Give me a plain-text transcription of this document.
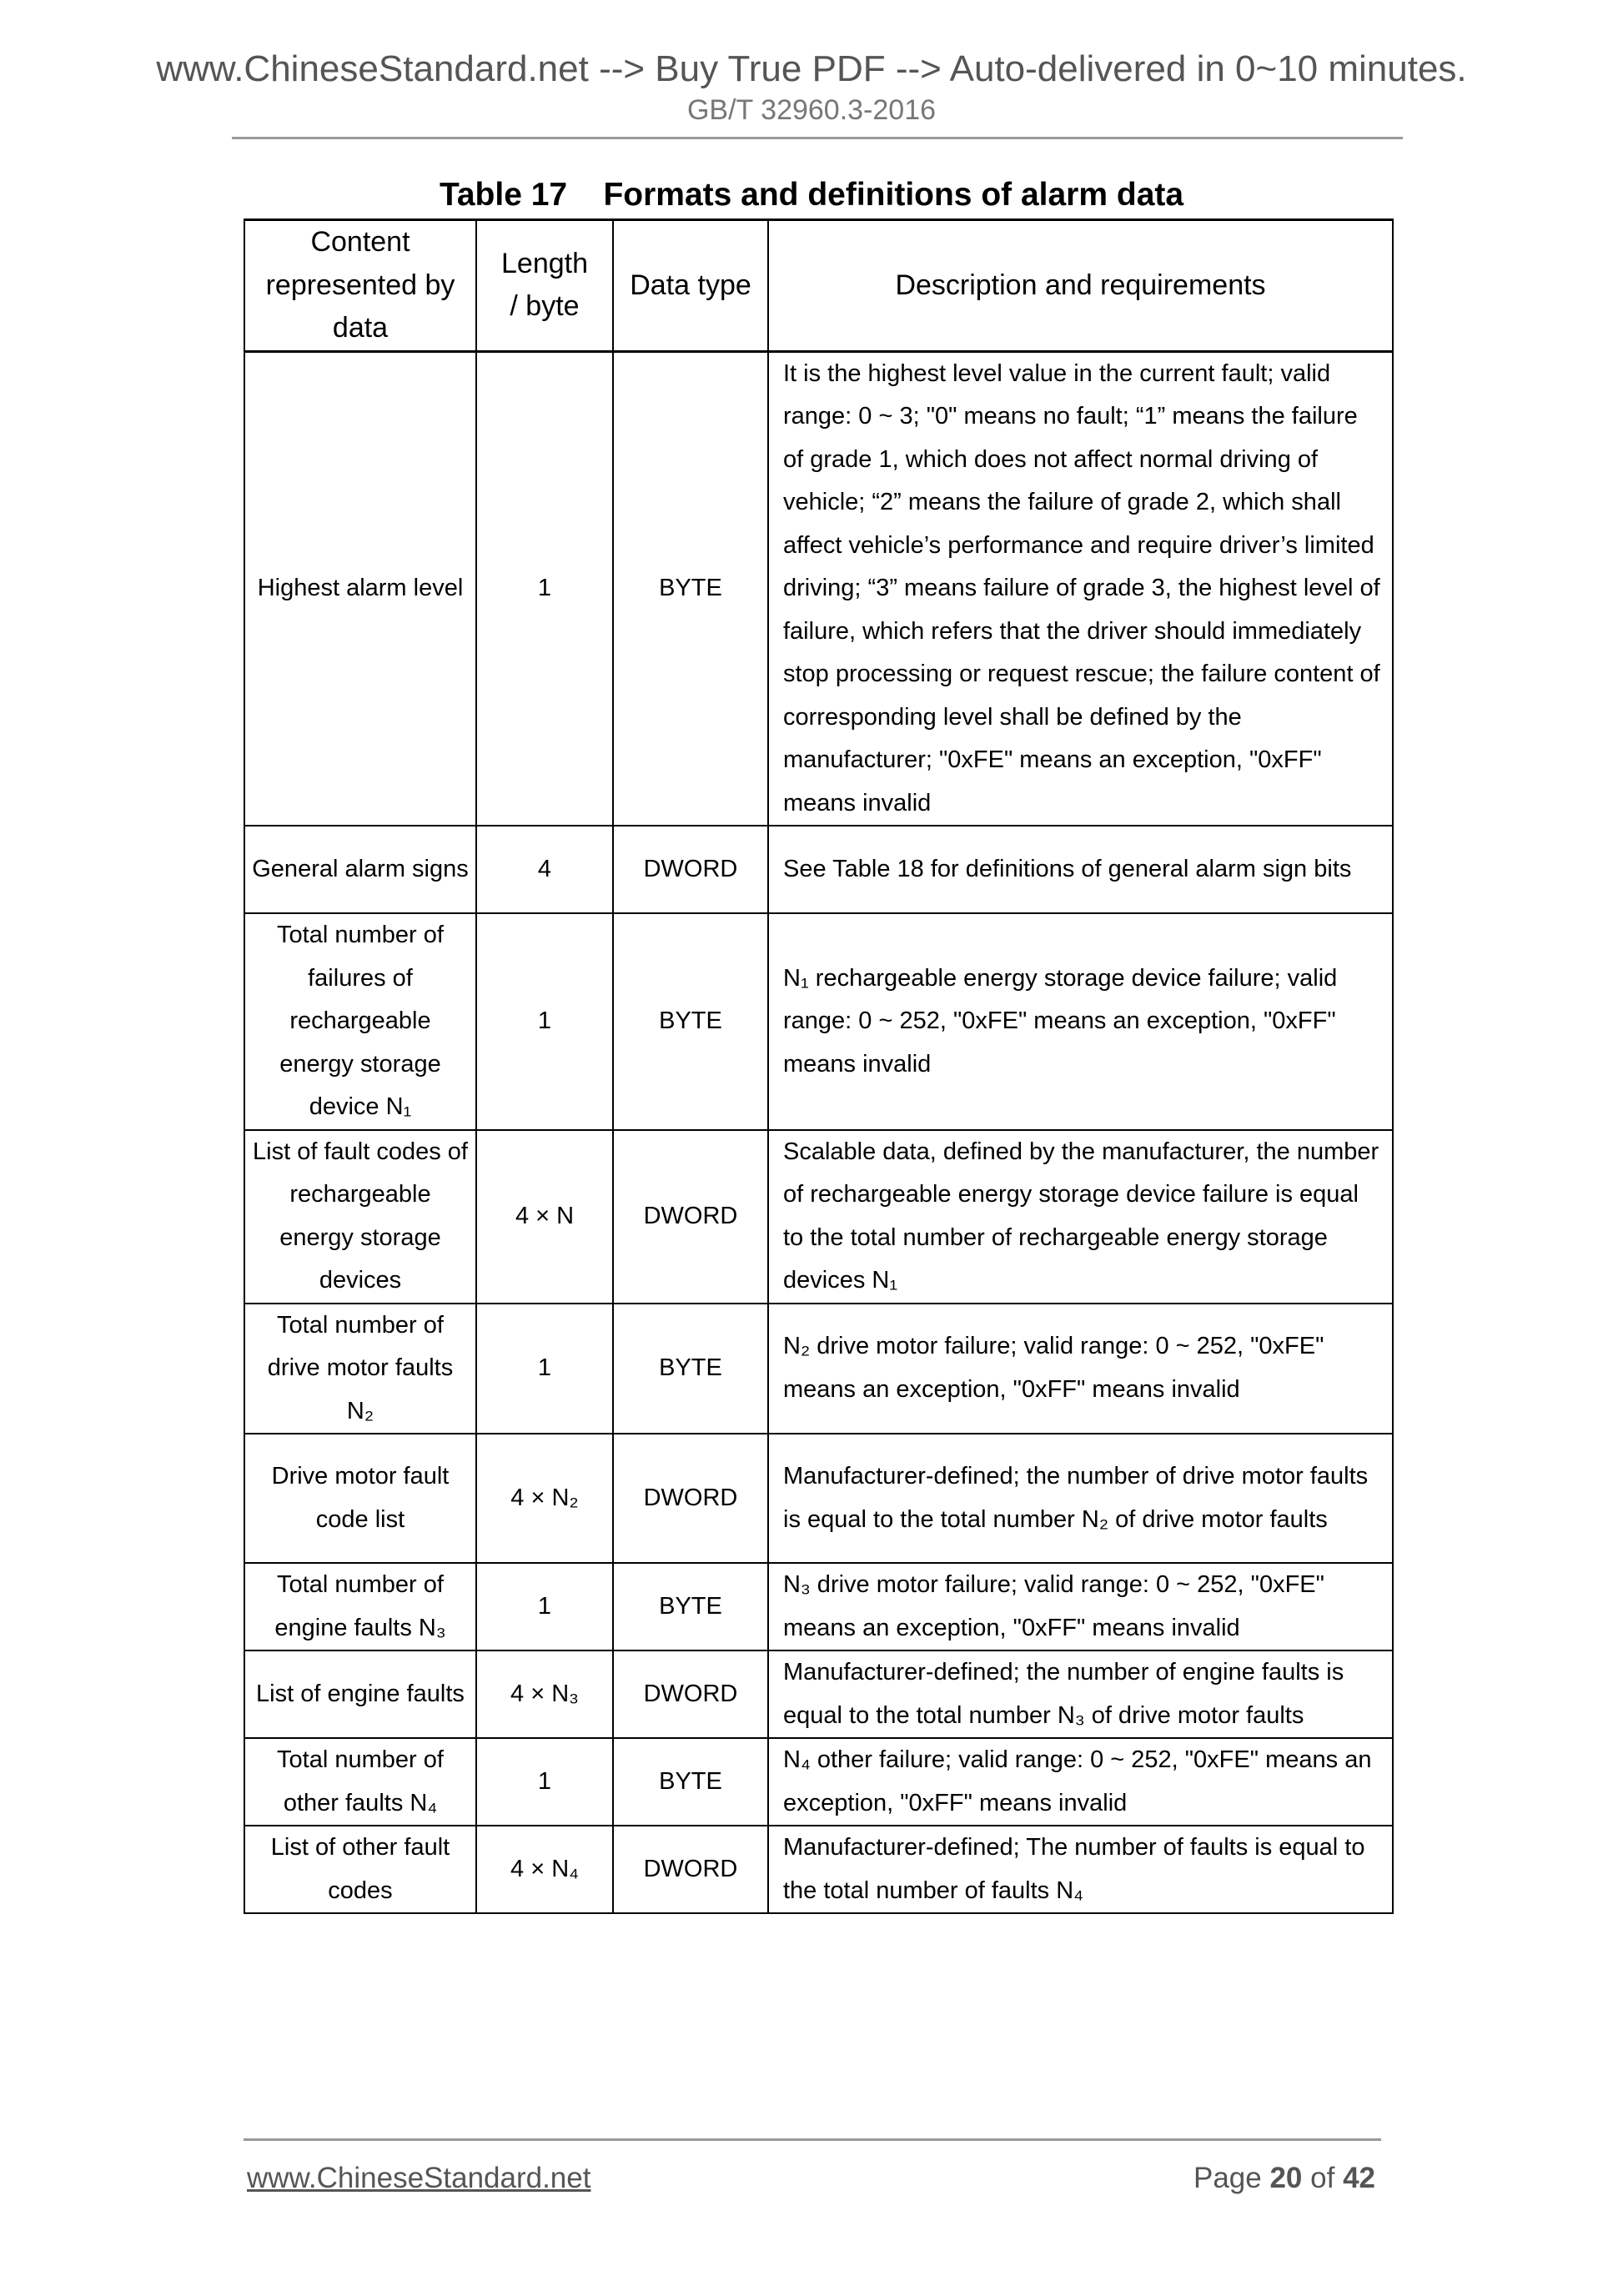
www.ChineseStandard.net --> Buy True PDF --> Auto-delivered in 0~10 minutes.
GB/T 32960.3-2016
Table 17    Formats and definitions of alarm data
Content represented by data	Length / byte	Data type	Description and requirements
Highest alarm level	1	BYTE	It is the highest level value in the current fault; valid range: 0 ~ 3; "0" means no fault; “1” means the failure of grade 1, which does not affect normal driving of vehicle; “2” means the failure of grade 2, which shall affect vehicle’s performance and require driver’s limited driving; “3” means failure of grade 3, the highest level of failure, which refers that the driver should immediately stop processing or request rescue; the failure content of corresponding level shall be defined by the manufacturer; "0xFE" means an exception, "0xFF" means invalid
General alarm signs	4	DWORD	See Table 18 for definitions of general alarm sign bits
Total number of failures of rechargeable energy storage device N₁	1	BYTE	N₁ rechargeable energy storage device failure; valid range: 0 ~ 252, "0xFE" means an exception, "0xFF" means invalid
List of fault codes of rechargeable energy storage devices	4 × N	DWORD	Scalable data, defined by the manufacturer, the number of rechargeable energy storage device failure is equal to the total number of rechargeable energy storage devices N₁
Total number of drive motor faults N₂	1	BYTE	N₂ drive motor failure; valid range: 0 ~ 252, "0xFE" means an exception, "0xFF" means invalid
Drive motor fault code list	4 × N₂	DWORD	Manufacturer-defined; the number of drive motor faults is equal to the total number N₂ of drive motor faults
Total number of engine faults N₃	1	BYTE	N₃ drive motor failure; valid range: 0 ~ 252, "0xFE" means an exception, "0xFF" means invalid
List of engine faults	4 × N₃	DWORD	Manufacturer-defined; the number of engine faults is equal to the total number N₃ of drive motor faults
Total number of other faults N₄	1	BYTE	N₄ other failure; valid range: 0 ~ 252, "0xFE" means an exception, "0xFF" means invalid
List of other fault codes	4 × N₄	DWORD	Manufacturer-defined; The number of faults is equal to the total number of faults N₄
www.ChineseStandard.net	Page 20 of 42
